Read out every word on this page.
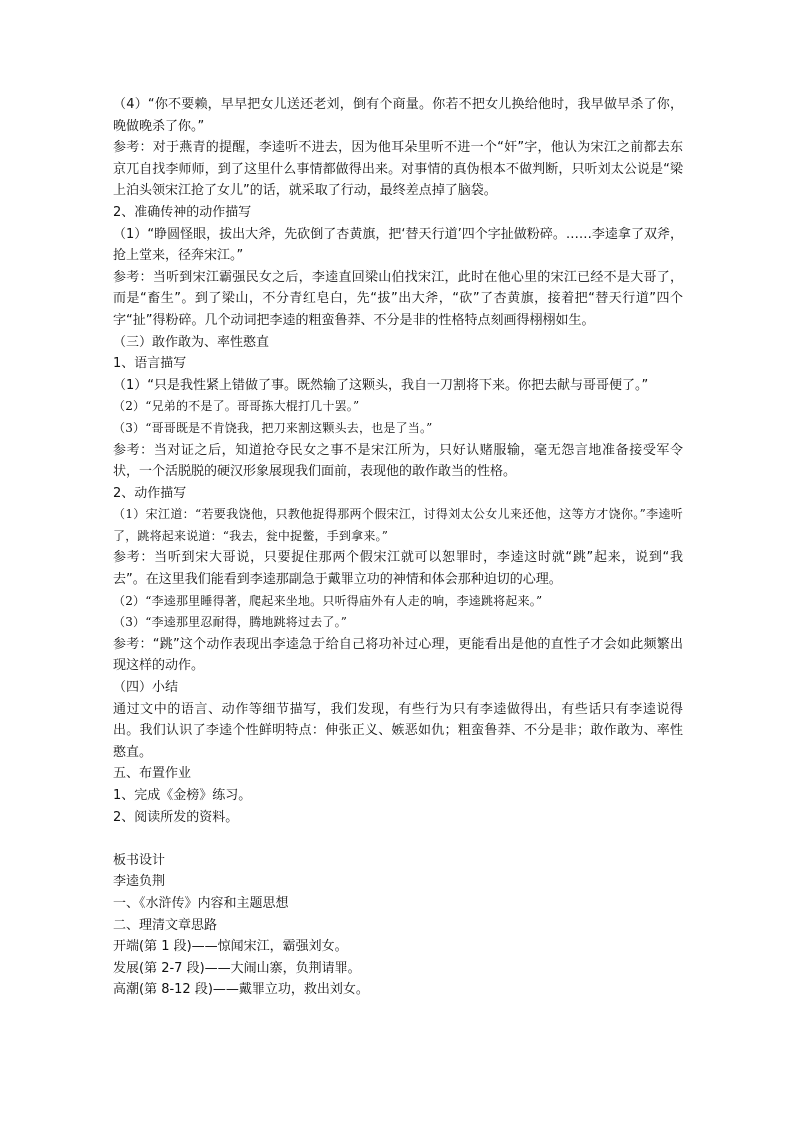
（4）“你不要赖，早早把女儿送还老刘，倒有个商量。你若不把女儿换给他时，我早做早杀了你，晚做晚杀了你。”

参考：对于燕青的提醒，李逵听不进去，因为他耳朵里听不进一个“奸”字，他认为宋江之前都去东京兀自找李师师，到了这里什么事情都做得出来。对事情的真伪根本不做判断，只听刘太公说是“梁上泊头领宋江抢了女儿”的话，就采取了行动，最终差点掉了脑袋。

2、准确传神的动作描写

（1）“睁圆怪眼，拔出大斧，先砍倒了杏黄旗，把‘替天行道’四个字扯做粉碎。……李逵拿了双斧，抢上堂来，径奔宋江。”

参考：当听到宋江霸强民女之后，李逵直回梁山伯找宋江，此时在他心里的宋江已经不是大哥了，而是“畜生”。到了梁山，不分青红皂白，先“拔”出大斧，“砍”了杏黄旗，接着把“替天行道”四个字“扯”得粉碎。几个动词把李逵的粗蛮鲁莽、不分是非的性格特点刻画得栩栩如生。

（三）敢作敢为、率性憨直

1、语言描写

（1）“只是我性紧上错做了事。既然输了这颗头，我自一刀割将下来。你把去献与哥哥便了。”

（2）“兄弟的不是了。哥哥拣大棍打几十罢。”

（3）“哥哥既是不肯饶我，把刀来割这颗头去，也是了当。”

参考：当对证之后，知道抢夺民女之事不是宋江所为，只好认赌服输，毫无怨言地准备接受军令状，一个活脱脱的硬汉形象展现我们面前，表现他的敢作敢当的性格。

2、动作描写

（1）宋江道：“若要我饶他，只教他捉得那两个假宋江，讨得刘太公女儿来还他，这等方才饶你。”李逵听了，跳将起来说道：“我去，瓮中捉鳖，手到拿来。”

参考：当听到宋大哥说，只要捉住那两个假宋江就可以恕罪时，李逵这时就“跳”起来，说到“我去”。在这里我们能看到李逵那副急于戴罪立功的神情和体会那种迫切的心理。

（2）“李逵那里睡得著，爬起来坐地。只听得庙外有人走的响，李逵跳将起来。”

（3）“李逵那里忍耐得，腾地跳将过去了。”

参考：“跳”这个动作表现出李逵急于给自己将功补过心理，更能看出是他的直性子才会如此频繁出现这样的动作。

（四）小结

通过文中的语言、动作等细节描写，我们发现，有些行为只有李逵做得出，有些话只有李逵说得出。我们认识了李逵个性鲜明特点：伸张正义、嫉恶如仇；粗蛮鲁莽、不分是非；敢作敢为、率性憨直。

五、布置作业

1、完成《金榜》练习。

2、阅读所发的资料。

板书设计

李逵负荆

一、《水浒传》内容和主题思想

二、理清文章思路

开端(第 1 段)——惊闻宋江，霸强刘女。

发展(第 2-7 段)——大闹山寨，负荆请罪。

高潮(第 8-12 段)——戴罪立功，救出刘女。
